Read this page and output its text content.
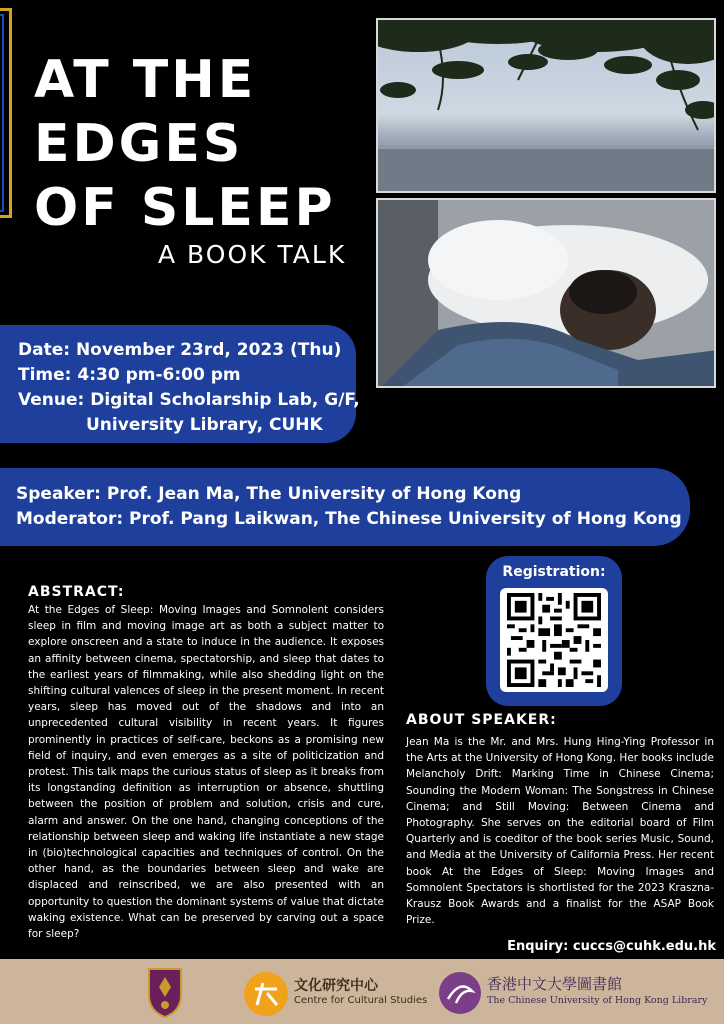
AT THE
EDGES
OF SLEEP
A BOOK TALK
Date: November 23rd, 2023 (Thu)
Time: 4:30 pm-6:00 pm
Venue: Digital Scholarship Lab, G/F,
University Library, CUHK
Speaker: Prof. Jean Ma, The University of Hong Kong
Moderator: Prof. Pang Laikwan, The Chinese University of Hong Kong
Registration:
ABSTRACT:
At the Edges of Sleep: Moving Images and Somnolent considers sleep in film and moving image art as both a subject matter to explore onscreen and a state to induce in the audience. It exposes an affinity between cinema, spectatorship, and sleep that dates to the earliest years of filmmaking, while also shedding light on the shifting cultural valences of sleep in the present moment. In recent years, sleep has moved out of the shadows and into an unprecedented cultural visibility in recent years. It figures prominently in practices of self-care, beckons as a promising new field of inquiry, and even emerges as a site of politicization and protest. This talk maps the curious status of sleep as it breaks from its longstanding definition as interruption or absence, shuttling between the position of problem and solution, crisis and cure, alarm and answer. On the one hand, changing conceptions of the relationship between sleep and waking life instantiate a new stage in (bio)technological capacities and techniques of control. On the other hand, as the boundaries between sleep and wake are displaced and reinscribed, we are also presented with an opportunity to question the dominant systems of value that dictate waking existence. What can be preserved by carving out a space for sleep?
ABOUT SPEAKER:
Jean Ma is the Mr. and Mrs. Hung Hing-Ying Professor in the Arts at the University of Hong Kong. Her books include Melancholy Drift: Marking Time in Chinese Cinema; Sounding the Modern Woman: The Songstress in Chinese Cinema; and Still Moving: Between Cinema and Photography. She serves on the editorial board of Film Quarterly and is coeditor of the book series Music, Sound, and Media at the University of California Press. Her recent book At the Edges of Sleep: Moving Images and Somnolent Spectators is shortlisted for the 2023 Kraszna-Krausz Book Awards and a finalist for the ASAP Book Prize.
Enquiry: cuccs@cuhk.edu.hk
文化研究中心
Centre for Cultural Studies
香港中文大學圖書館
The Chinese University of Hong Kong Library
